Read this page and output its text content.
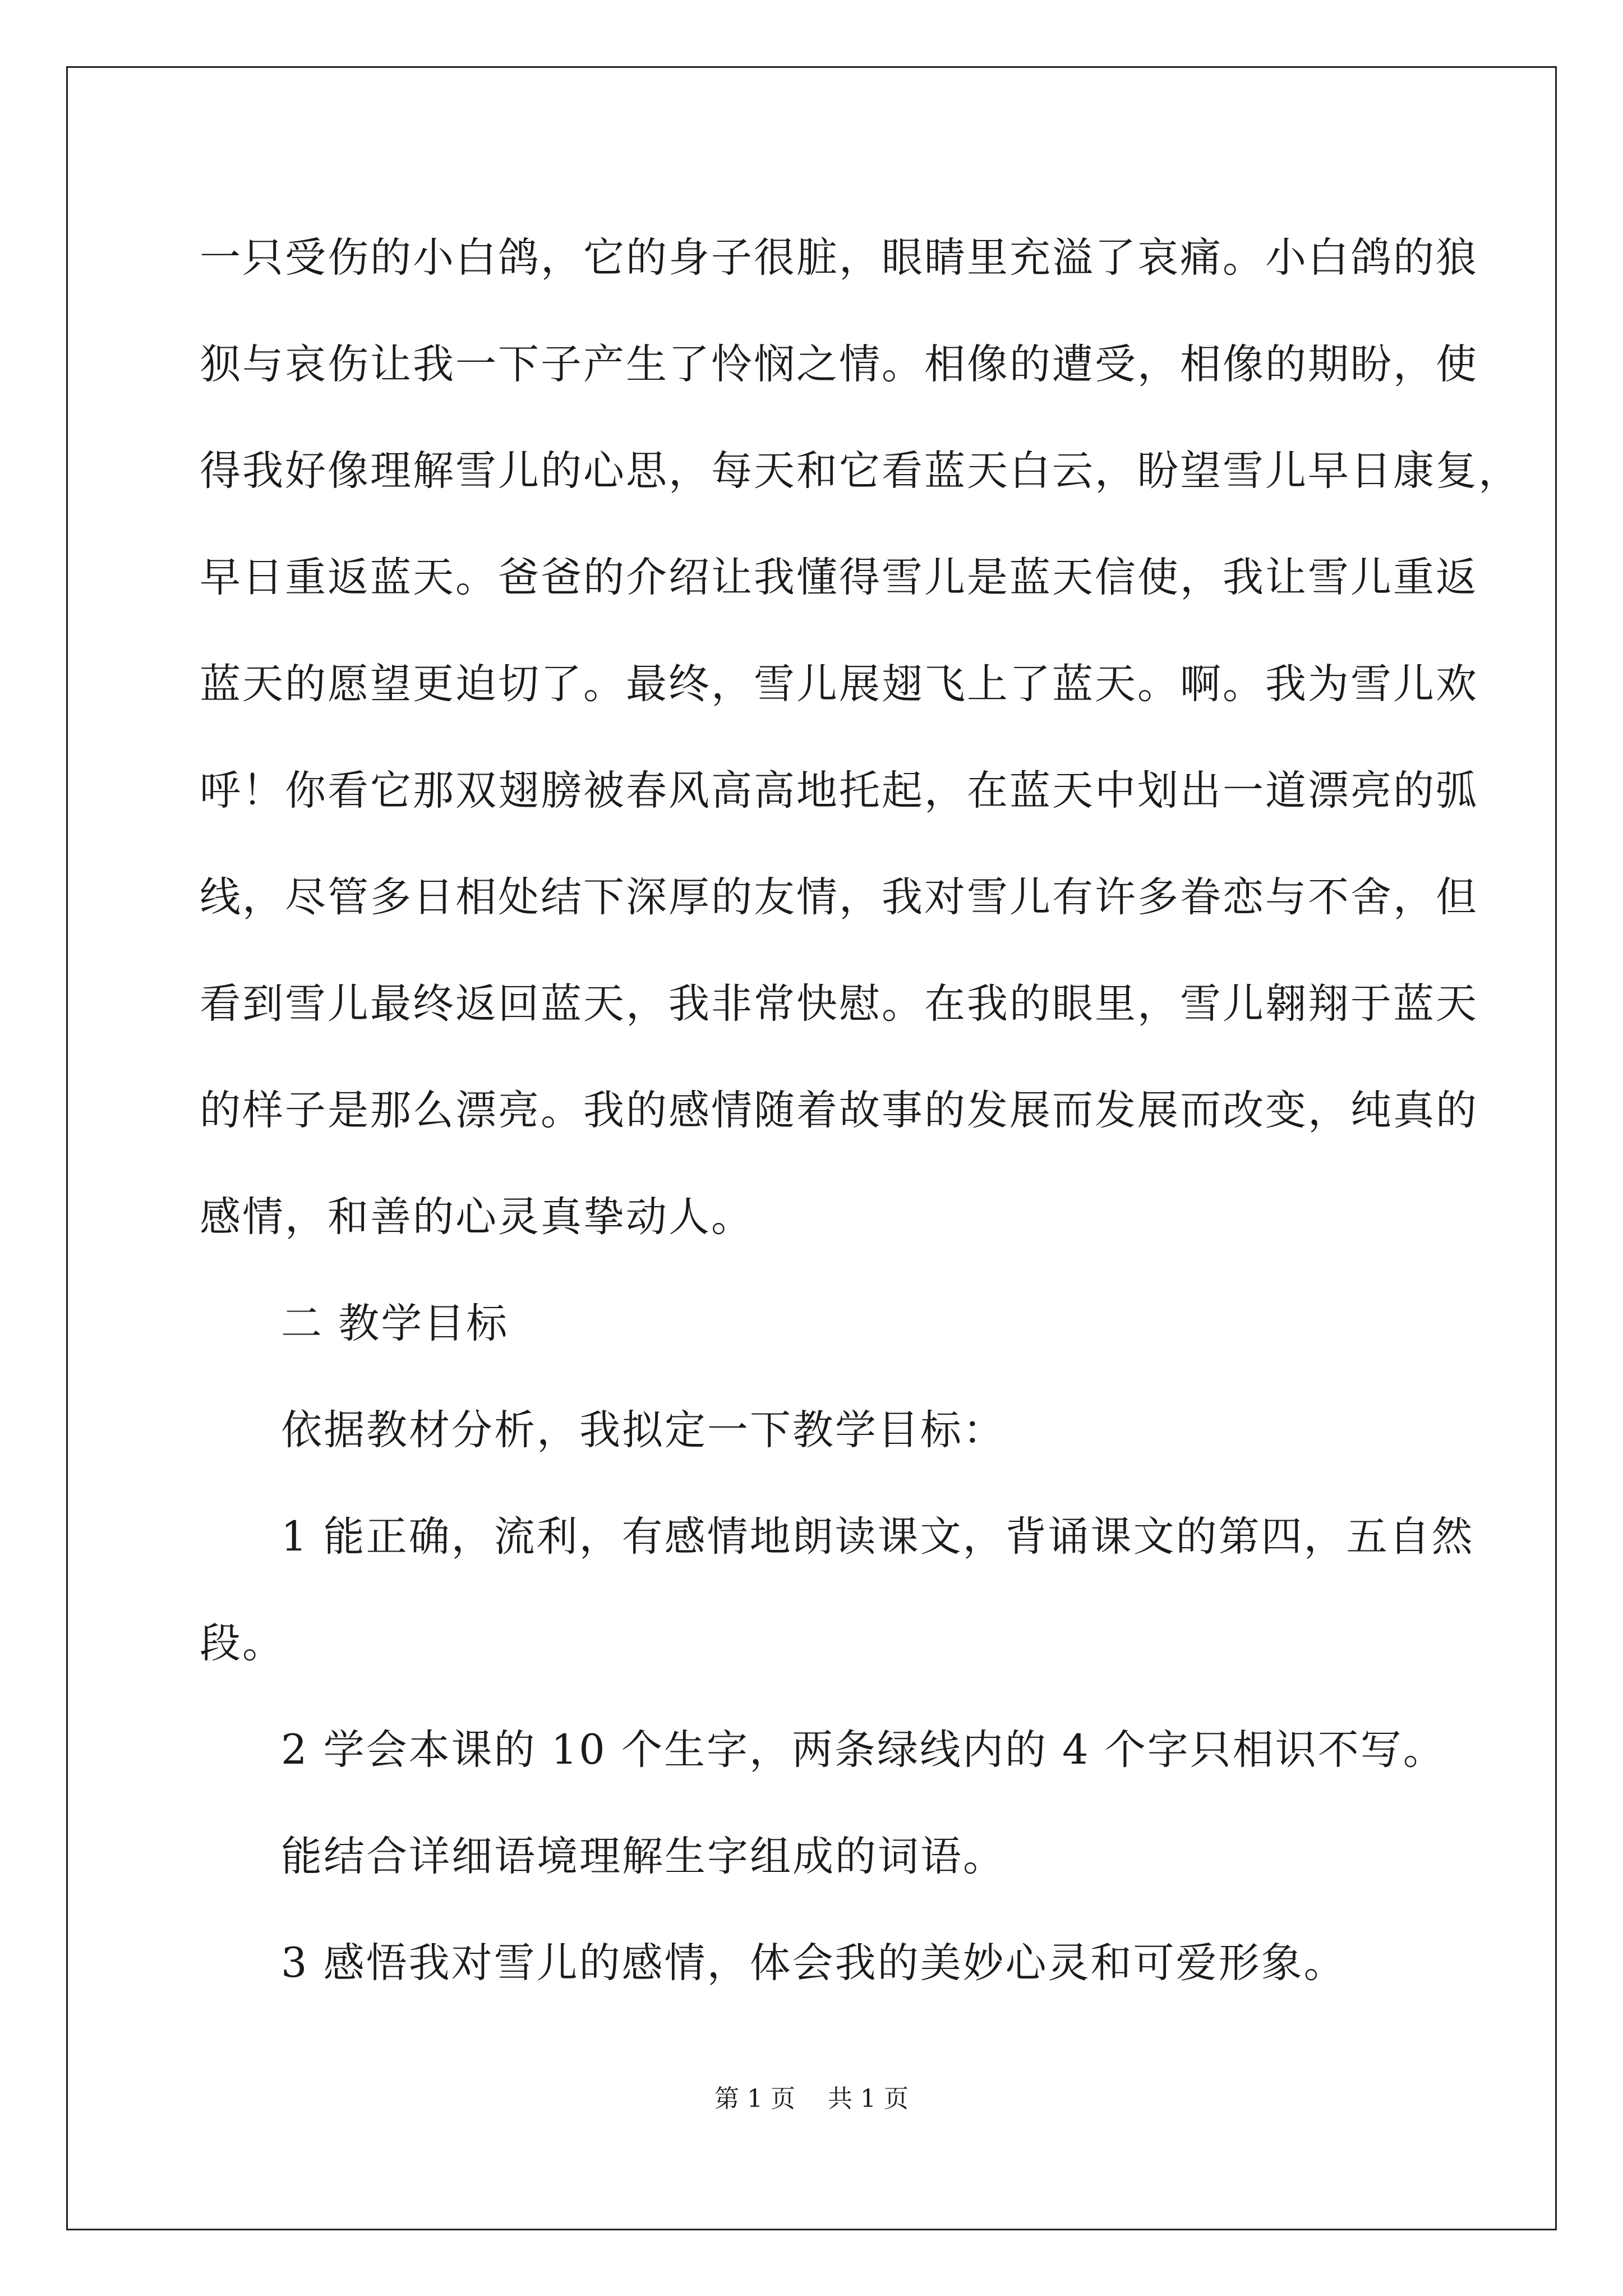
一只受伤的小白鸽，它的身子很脏，眼睛里充溢了哀痛。小白鸽的狼
狈与哀伤让我一下子产生了怜悯之情。相像的遭受，相像的期盼，使
得我好像理解雪儿的心思，每天和它看蓝天白云，盼望雪儿早日康复，
早日重返蓝天。爸爸的介绍让我懂得雪儿是蓝天信使，我让雪儿重返
蓝天的愿望更迫切了。最终，雪儿展翅飞上了蓝天。啊。我为雪儿欢
呼！你看它那双翅膀被春风高高地托起，在蓝天中划出一道漂亮的弧
线，尽管多日相处结下深厚的友情，我对雪儿有许多眷恋与不舍，但
看到雪儿最终返回蓝天，我非常快慰。在我的眼里，雪儿翱翔于蓝天
的样子是那么漂亮。我的感情随着故事的发展而发展而改变，纯真的
感情，和善的心灵真挚动人。
二 教学目标
依据教材分析，我拟定一下教学目标：
1 能正确，流利，有感情地朗读课文，背诵课文的第四，五自然
段。
2 学会本课的 10 个生字，两条绿线内的 4 个字只相识不写。
能结合详细语境理解生字组成的词语。
3 感悟我对雪儿的感情，体会我的美妙心灵和可爱形象。
第 1 页 共 1 页
